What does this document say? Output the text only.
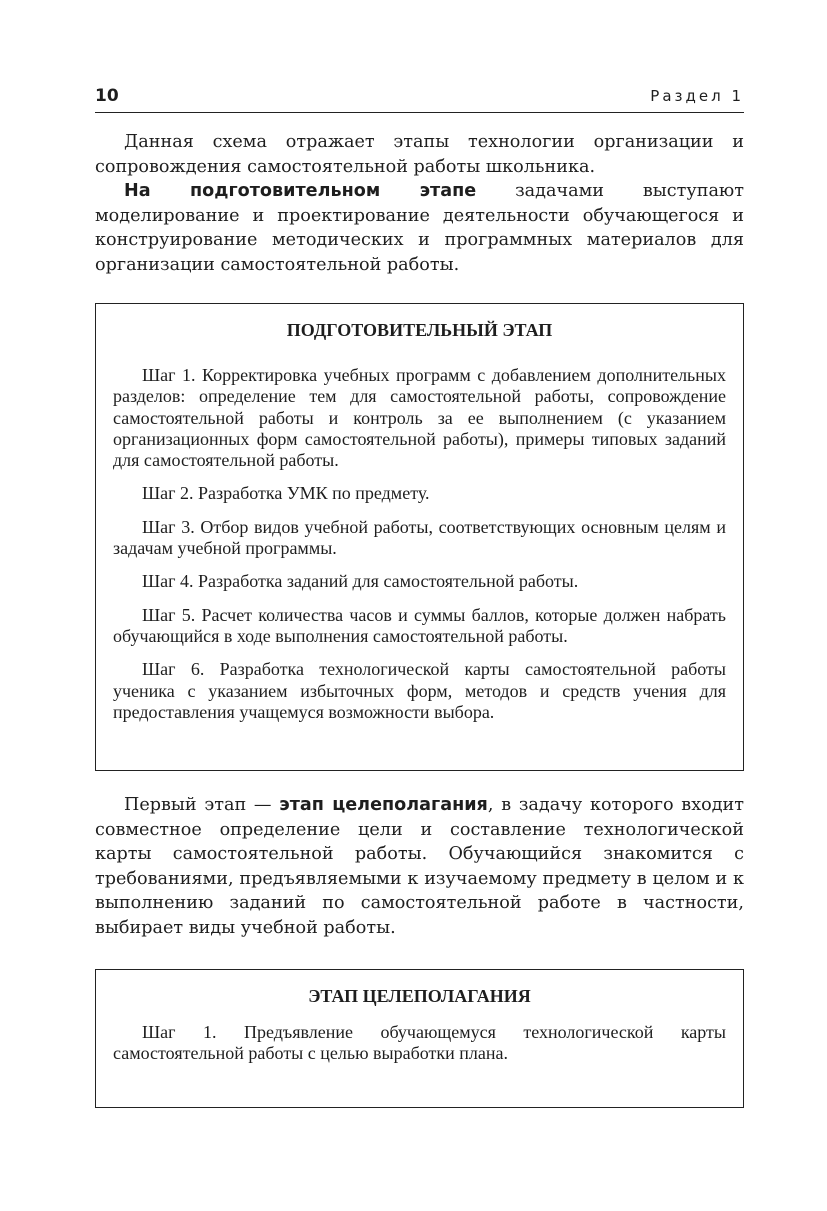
10	Раздел 1

Данная схема отражает этапы технологии организации и сопровождения самостоятельной работы школьника.

На подготовительном этапе задачами выступают моделирование и проектирование деятельности обучающегося и конструирование методических и программных материалов для организации самостоятельной работы.

ПОДГОТОВИТЕЛЬНЫЙ ЭТАП

Шаг 1. Корректировка учебных программ с добавлением дополнительных разделов: определение тем для самостоятельной работы, сопровождение самостоятельной работы и контроль за ее выполнением (с указанием организационных форм самостоятельной работы), примеры типовых заданий для самостоятельной работы.

Шаг 2. Разработка УМК по предмету.

Шаг 3. Отбор видов учебной работы, соответствующих основным целям и задачам учебной программы.

Шаг 4. Разработка заданий для самостоятельной работы.

Шаг 5. Расчет количества часов и суммы баллов, которые должен набрать обучающийся в ходе выполнения самостоятельной работы.

Шаг 6. Разработка технологической карты самостоятельной работы ученика с указанием избыточных форм, методов и средств учения для предоставления учащемуся возможности выбора.

Первый этап — этап целеполагания, в задачу которого входит совместное определение цели и составление технологической карты самостоятельной работы. Обучающийся знакомится с требованиями, предъявляемыми к изучаемому предмету в целом и к выполнению заданий по самостоятельной работе в частности, выбирает виды учебной работы.

ЭТАП ЦЕЛЕПОЛАГАНИЯ

Шаг 1. Предъявление обучающемуся технологической карты самостоятельной работы с целью выработки плана.
